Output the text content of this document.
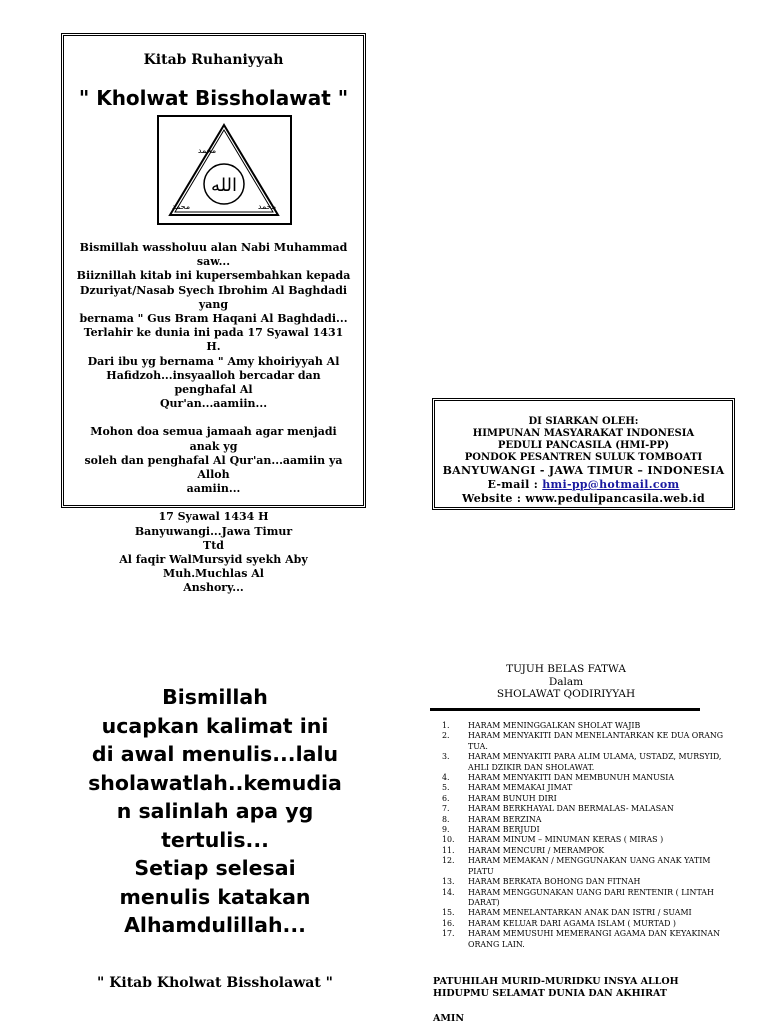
Kitab Ruhaniyyah
" Kholwat Bissholawat "
الله
محمد
محمد	محمد

Bismillah wassholuu alan Nabi Muhammad saw...

Biiznillah kitab ini kupersembahkan kepada

Dzuriyat/Nasab Syech Ibrohim Al Baghdadi yang

bernama " Gus Bram Haqani Al Baghdadi...

Terlahir ke dunia ini pada 17 Syawal 1431 H.

Dari ibu yg bernama " Amy khoiriyyah Al

Hafidzoh...insyaalloh bercadar dan penghafal Al

Qur'an...aamiin...

Mohon doa semua jamaah agar menjadi anak yg

soleh dan penghafal Al Qur'an...aamiin ya Alloh

aamiin...

17 Syawal 1434 H

Banyuwangi...Jawa Timur

Ttd

Al faqir WalMursyid syekh Aby Muh.Muchlas Al

Anshory...

DI SIARKAN OLEH:
HIMPUNAN MASYARAKAT INDONESIA
PEDULI PANCASILA (HMI-PP)
PONDOK PESANTREN SULUK TOMBOATI
BANYUWANGI - JAWA TIMUR – INDONESIA
E-mail : hmi-pp@hotmail.com
Website : www.pedulipancasila.web.id
Bismillah
ucapkan kalimat ini
di awal menulis...lalu
sholawatlah..kemudia
n salinlah apa yg
tertulis...
Setiap selesai
menulis katakan
Alhamdulillah...
" Kitab Kholwat Bissholawat "
TUJUH BELAS FATWA
Dalam
SHOLAWAT QODIRIYYAH
1.	HARAM MENINGGALKAN SHOLAT WAJIB
2.	HARAM MENYAKITI DAN MENELANTARKAN KE DUA ORANG TUA.
3.	HARAM MENYAKITI PARA ALIM ULAMA, USTADZ, MURSYID, AHLI DZIKIR DAN SHOLAWAT.
4.	HARAM MENYAKITI DAN MEMBUNUH MANUSIA
5.	HARAM MEMAKAI JIMAT
6.	HARAM BUNUH DIRI
7.	HARAM BERKHAYAL DAN BERMALAS- MALASAN
8.	HARAM BERZINA
9.	HARAM BERJUDI
10.	HARAM MINUM – MINUMAN KERAS ( MIRAS )
11.	HARAM MENCURI / MERAMPOK
12.	HARAM MEMAKAN / MENGGUNAKAN UANG ANAK YATIM PIATU
13.	HARAM BERKATA BOHONG DAN FITNAH
14.	HARAM MENGGUNAKAN UANG DARI RENTENIR ( LINTAH DARAT)
15.	HARAM MENELANTARKAN ANAK DAN ISTRI / SUAMI
16.	HARAM KELUAR DARI AGAMA ISLAM ( MURTAD )
17.	HARAM MEMUSUHI MEMERANGI AGAMA DAN KEYAKINAN ORANG LAIN.
PATUHILAH MURID-MURIDKU INSYA ALLOH
HIDUPMU SELAMAT DUNIA DAN AKHIRAT
AMIN
